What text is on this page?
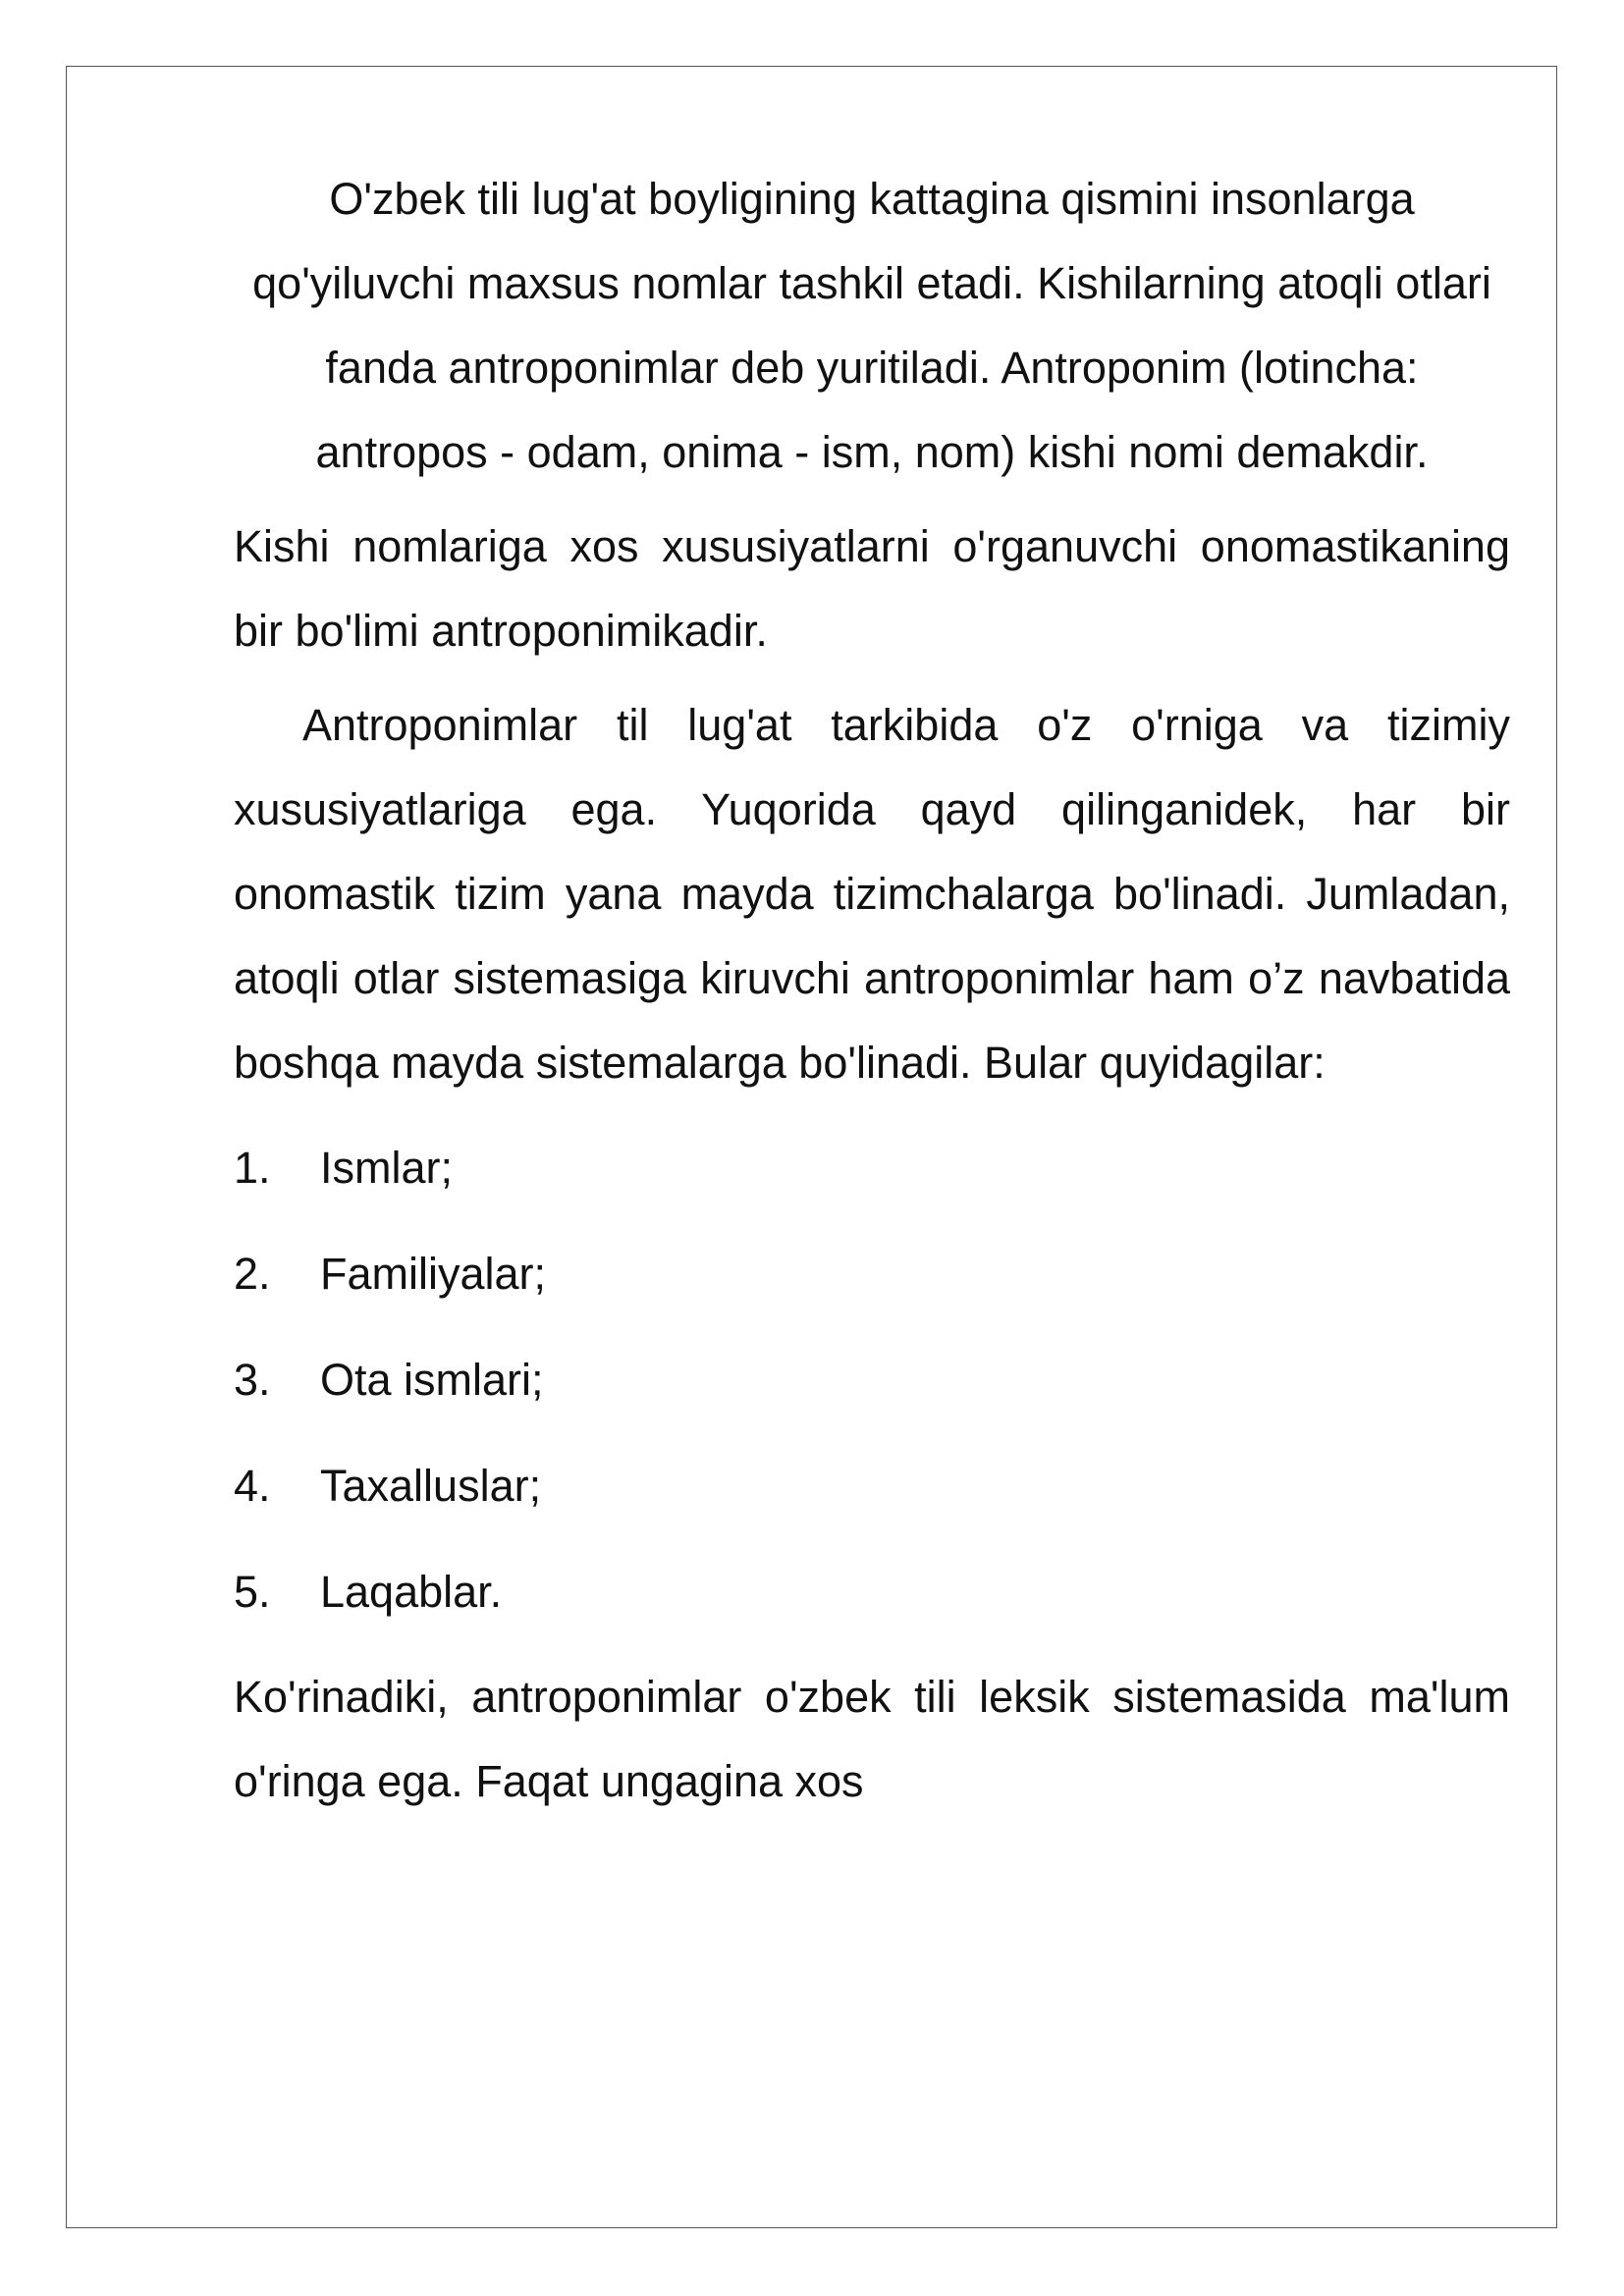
O'zbek tili lug'at boyligining kattagina qismini insonlarga qo'yiluvchi maxsus nomlar tashkil etadi. Kishilarning atoqli otlari fanda antroponimlar deb yuritiladi. Antroponim (lotincha: antropos - odam, onima - ism, nom) kishi nomi demakdir.

Kishi nomlariga xos xususiyatlarni o'rganuvchi onomastikaning bir bo'limi antroponimikadir.

Antroponimlar til lug'at tarkibida o'z o'rniga va tizimiy xususiyatlariga ega. Yuqorida qayd qilinganidek, har bir onomastik tizim yana mayda tizimchalarga bo'linadi. Jumladan, atoqli otlar sistemasiga kiruvchi antroponimlar ham o’z navbatida boshqa mayda sistemalarga bo'linadi. Bular quyidagilar:

1.	Ismlar;
2.	Familiyalar;
3.	Ota ismlari;
4.	Taxalluslar;
5.	Laqablar.

Ko'rinadiki, antroponimlar o'zbek tili leksik sistemasida ma'lum o'ringa ega. Faqat ungagina xos
